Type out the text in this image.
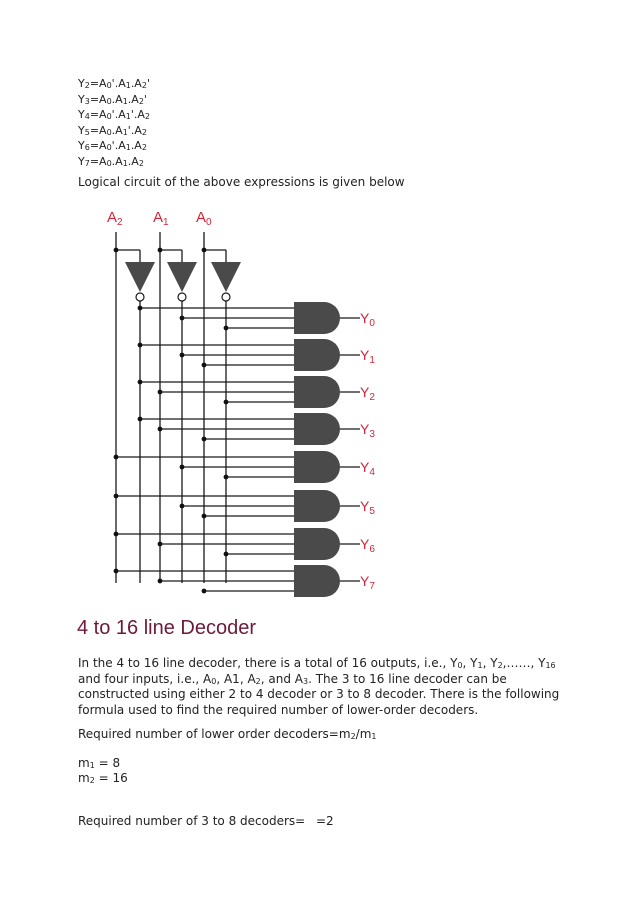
$Y_2=A_0'.A_1.A_2'$
$Y_3=A_0.A_1.A_2'$
$Y_4=A_0'.A_1'.A_2$
$Y_5=A_0.A_1'.A_2$
$Y_6=A_0'.A_1.A_2$
$Y_7=A_0.A_1.A_2$
Logical circuit of the above expressions is given below
$A_2$ $A_1$ $A_0$
$Y_0$
$Y_1$
$Y_2$
$Y_3$
$Y_4$
$Y_5$
$Y_6$
$Y_7$
4 to 16 line Decoder
In the 4 to 16 line decoder, there is a total of 16 outputs, i.e., $Y_0$, $Y_1$, $Y_2,\dots\dots$, $Y_{16}$ and four inputs, i.e., $A_0$, A1, $A_2$, and $A_3$. The 3 to 16 line decoder can be constructed using either 2 to 4 decoder or 3 to 8 decoder. There is the following formula used to find the required number of lower-order decoders.
Required number of lower order $decoders=m_2/m_1$
$m_1 = 8$
$m_2 = 16$
Required number of 3 to 8 decoders= =2
